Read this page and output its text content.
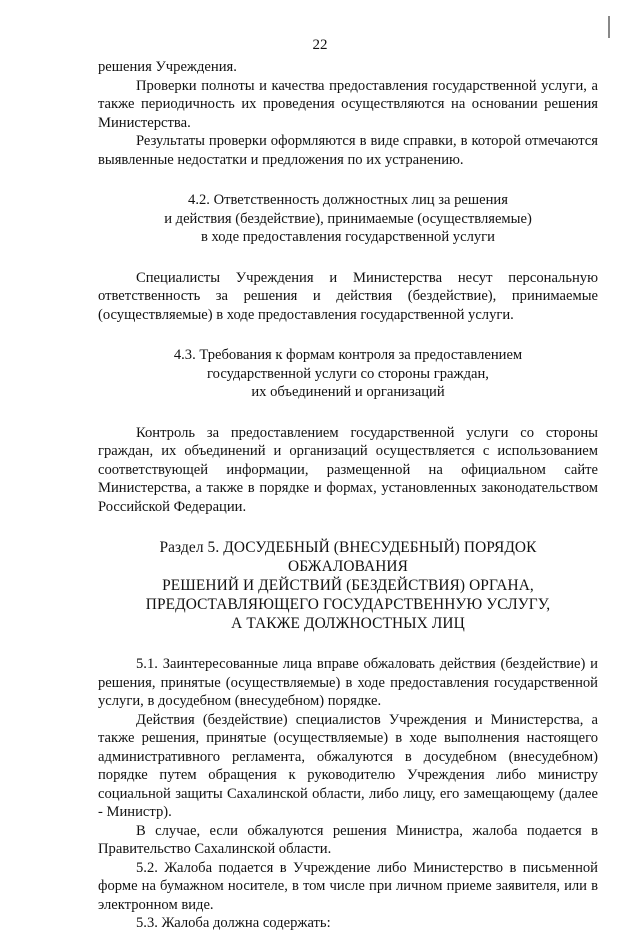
22

решения Учреждения.

Проверки полноты и качества предоставления государственной услуги, а также периодичность их проведения осуществляются на основании решения Министерства.

Результаты проверки оформляются в виде справки, в которой отмечаются выявленные недостатки и предложения по их устранению.

4.2. Ответственность должностных лиц за решения
и действия (бездействие), принимаемые (осуществляемые)
в ходе предоставления государственной услуги

Специалисты Учреждения и Министерства несут персональную ответственность за решения и действия (бездействие), принимаемые (осуществляемые) в ходе предоставления государственной услуги.

4.3. Требования к формам контроля за предоставлением
государственной услуги со стороны граждан,
их объединений и организаций

Контроль за предоставлением государственной услуги со стороны граждан, их объединений и организаций осуществляется с использованием соответствующей информации, размещенной на официальном сайте Министерства, а также в порядке и формах, установленных законодательством Российской Федерации.

Раздел 5. ДОСУДЕБНЫЙ (ВНЕСУДЕБНЫЙ) ПОРЯДОК ОБЖАЛОВАНИЯ
РЕШЕНИЙ И ДЕЙСТВИЙ (БЕЗДЕЙСТВИЯ) ОРГАНА,
ПРЕДОСТАВЛЯЮЩЕГО ГОСУДАРСТВЕННУЮ УСЛУГУ,
А ТАКЖЕ ДОЛЖНОСТНЫХ ЛИЦ

5.1. Заинтересованные лица вправе обжаловать действия (бездействие) и решения, принятые (осуществляемые) в ходе предоставления государственной услуги, в досудебном (внесудебном) порядке.

Действия (бездействие) специалистов Учреждения и Министерства, а также решения, принятые (осуществляемые) в ходе выполнения настоящего административного регламента, обжалуются в досудебном (внесудебном) порядке путем обращения к руководителю Учреждения либо министру социальной защиты Сахалинской области, либо лицу, его замещающему (далее - Министр).

В случае, если обжалуются решения Министра, жалоба подается в Правительство Сахалинской области.

5.2. Жалоба подается в Учреждение либо Министерство в письменной форме на бумажном носителе, в том числе при личном приеме заявителя, или в электронном виде.

5.3. Жалоба должна содержать:
